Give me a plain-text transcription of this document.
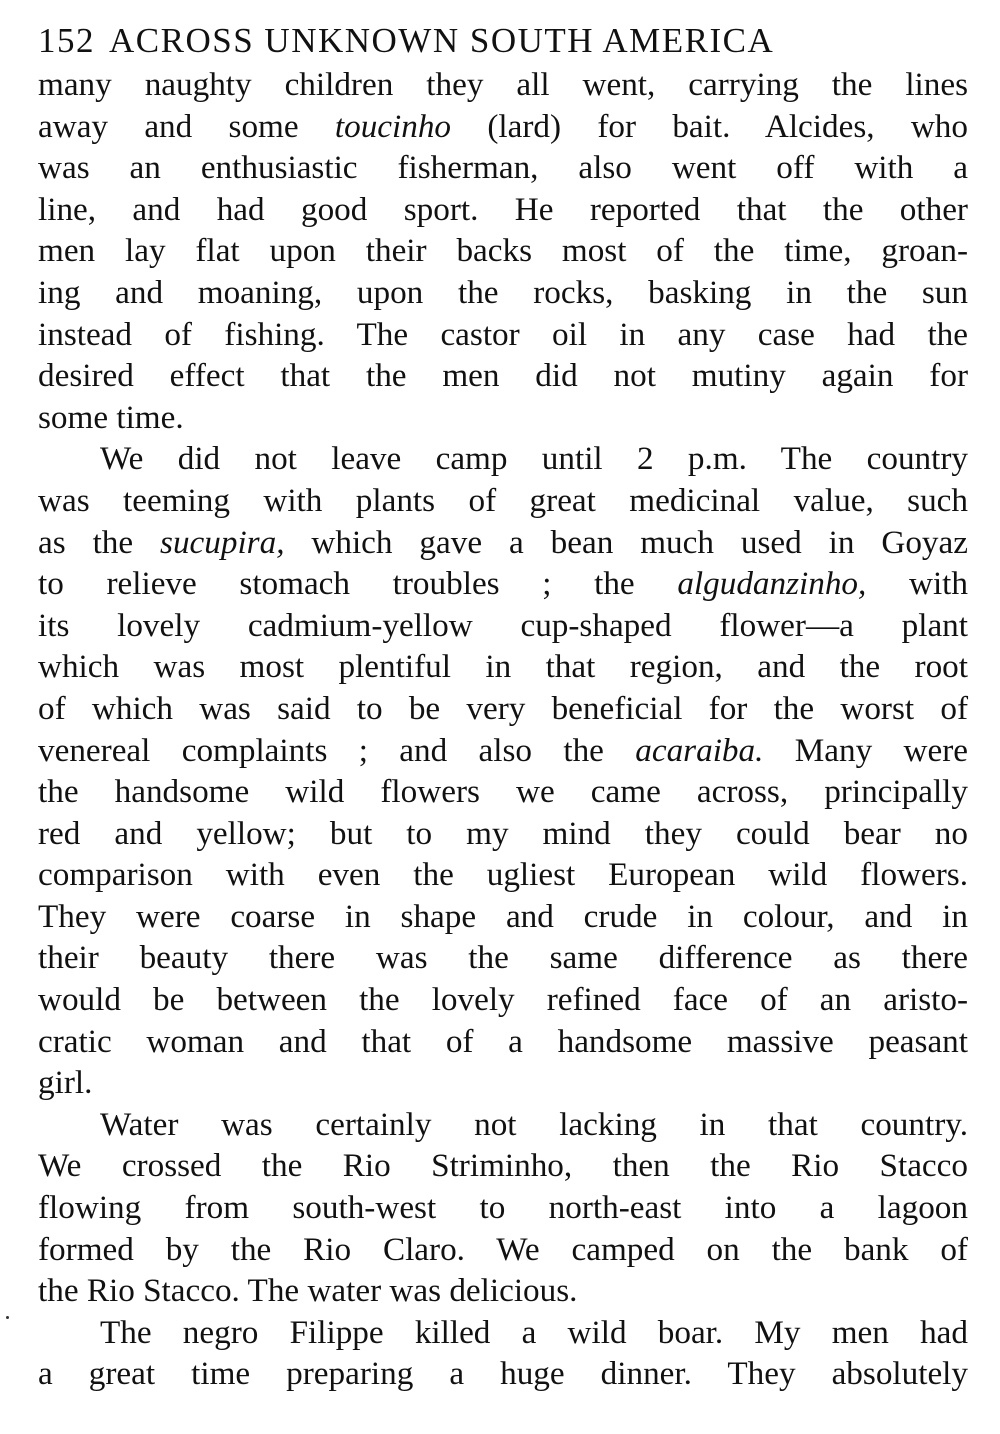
152 ACROSS UNKNOWN SOUTH AMERICA
many naughty children they all went, carrying the lines
away and some toucinho (lard) for bait. Alcides, who
was an enthusiastic fisherman, also went off with a
line, and had good sport. He reported that the other
men lay flat upon their backs most of the time, groan-
ing and moaning, upon the rocks, basking in the sun
instead of fishing. The castor oil in any case had the
desired effect that the men did not mutiny again for
some time.
We did not leave camp until 2 p.m. The country
was teeming with plants of great medicinal value, such
as the sucupira, which gave a bean much used in Goyaz
to relieve stomach troubles ; the algudanzinho, with
its lovely cadmium-yellow cup-shaped flower—a plant
which was most plentiful in that region, and the root
of which was said to be very beneficial for the worst of
venereal complaints ; and also the acaraiba. Many were
the handsome wild flowers we came across, principally
red and yellow; but to my mind they could bear no
comparison with even the ugliest European wild flowers.
They were coarse in shape and crude in colour, and in
their beauty there was the same difference as there
would be between the lovely refined face of an aristo-
cratic woman and that of a handsome massive peasant
girl.
Water was certainly not lacking in that country.
We crossed the Rio Striminho, then the Rio Stacco
flowing from south-west to north-east into a lagoon
formed by the Rio Claro. We camped on the bank of
the Rio Stacco. The water was delicious.
The negro Filippe killed a wild boar. My men had
a great time preparing a huge dinner. They absolutely
